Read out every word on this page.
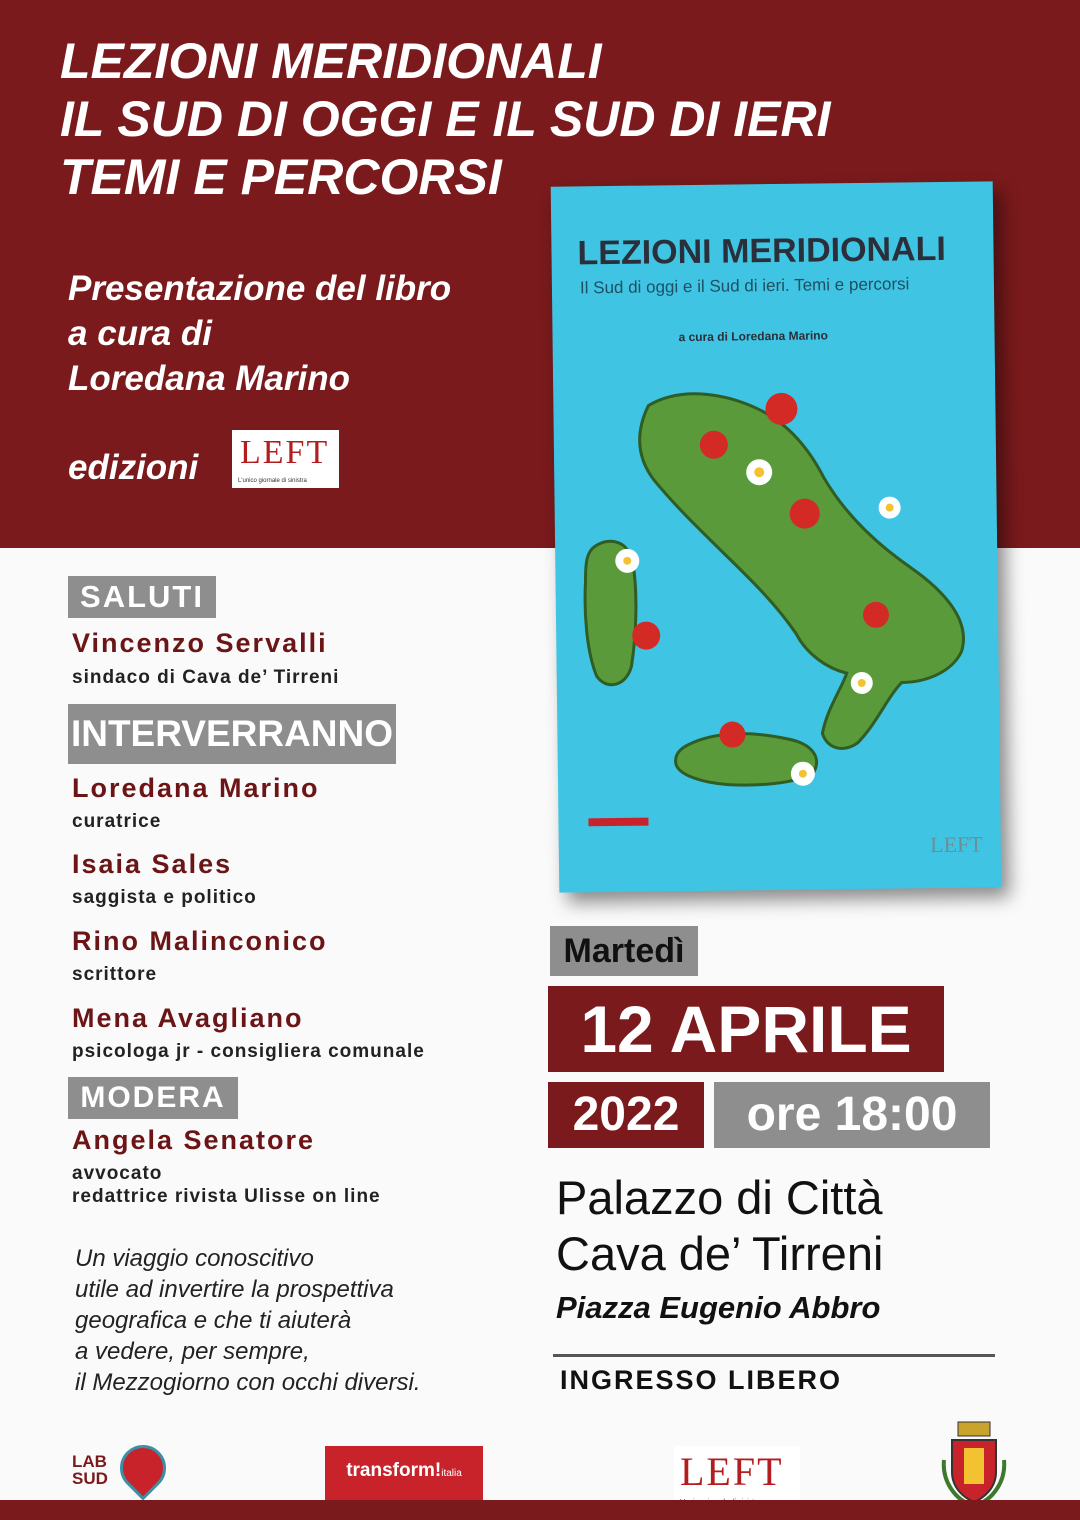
LEZIONI MERIDIONALI
IL SUD DI OGGI E IL SUD DI IERI
TEMI E PERCORSI
Presentazione del libro
a cura di
Loredana Marino
edizioni LEFT
L'unico giornale di sinistra
LEZIONI MERIDIONALI
Il Sud di oggi e il Sud di ieri. Temi e percorsi
a cura di Loredana Marino
LEFT
SALUTI
Vincenzo Servalli
sindaco di Cava de’ Tirreni
INTERVERRANNO
Loredana Marino
curatrice
Isaia Sales
saggista e politico
Rino Malinconico
scrittore
Mena Avagliano
psicologa jr - consigliera comunale
MODERA
Angela Senatore
avvocato
redattrice rivista Ulisse on line
Un viaggio conoscitivo
utile ad invertire la prospettiva
geografica e che ti aiuterà
a vedere, per sempre,
il Mezzogiorno con occhi diversi.
Martedì
12 APRILE
2022	ore 18:00
Palazzo di Città
Cava de’ Tirreni
Piazza Eugenio Abbro
INGRESSO LIBERO
LAB
SUD	transform!italia	LEFT
